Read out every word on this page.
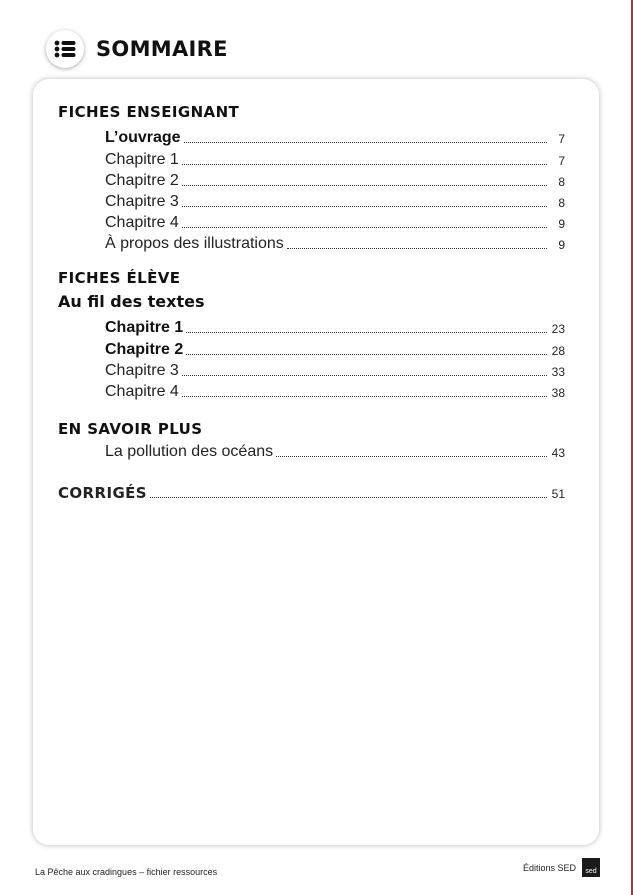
SOMMAIRE
FICHES ENSEIGNANT
L’ouvrage	7
Chapitre 1	7
Chapitre 2	8
Chapitre 3	8
Chapitre 4	9
À propos des illustrations	9
FICHES ÉLÈVE
Au fil des textes
Chapitre 1	23
Chapitre 2	28
Chapitre 3	33
Chapitre 4	38
EN SAVOIR PLUS
La pollution des océans	43
CORRIGÉS	51
La Pêche aux cradingues – fichier ressources	Éditions SED	sed
